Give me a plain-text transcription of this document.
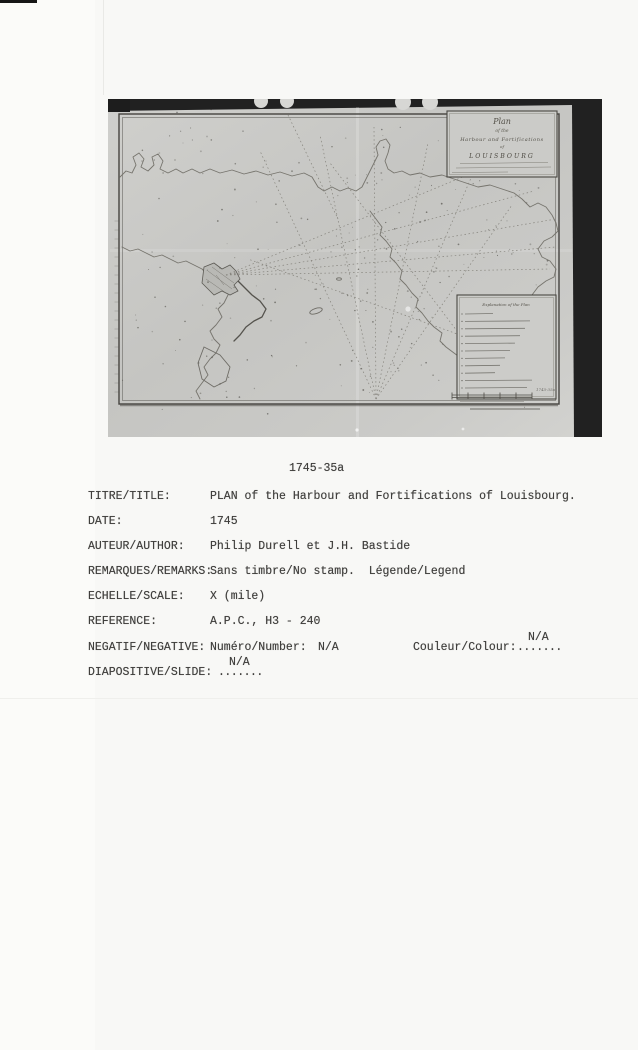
Plan
of the
Harbour and Fortifications
of
LOUISBOURG
Explanation of the Plan
1745-35a
1745-35a
TITRE/TITLE:	PLAN of the Harbour and Fortifications of Louisbourg.
DATE:	1745
AUTEUR/AUTHOR: Philip Durell et J.H. Bastide
REMARQUES/REMARKS:
Sans timbre/No stamp.  Légende/Legend
ECHELLE/SCALE: X (mile)
REFERENCE:	A.P.C., H3 - 240
NEGATIF/NEGATIVE: Numéro/Number: N/A	Couleur/Colour:
N/A
.......
DIAPOSITIVE/SLIDE:
N/A
.......
